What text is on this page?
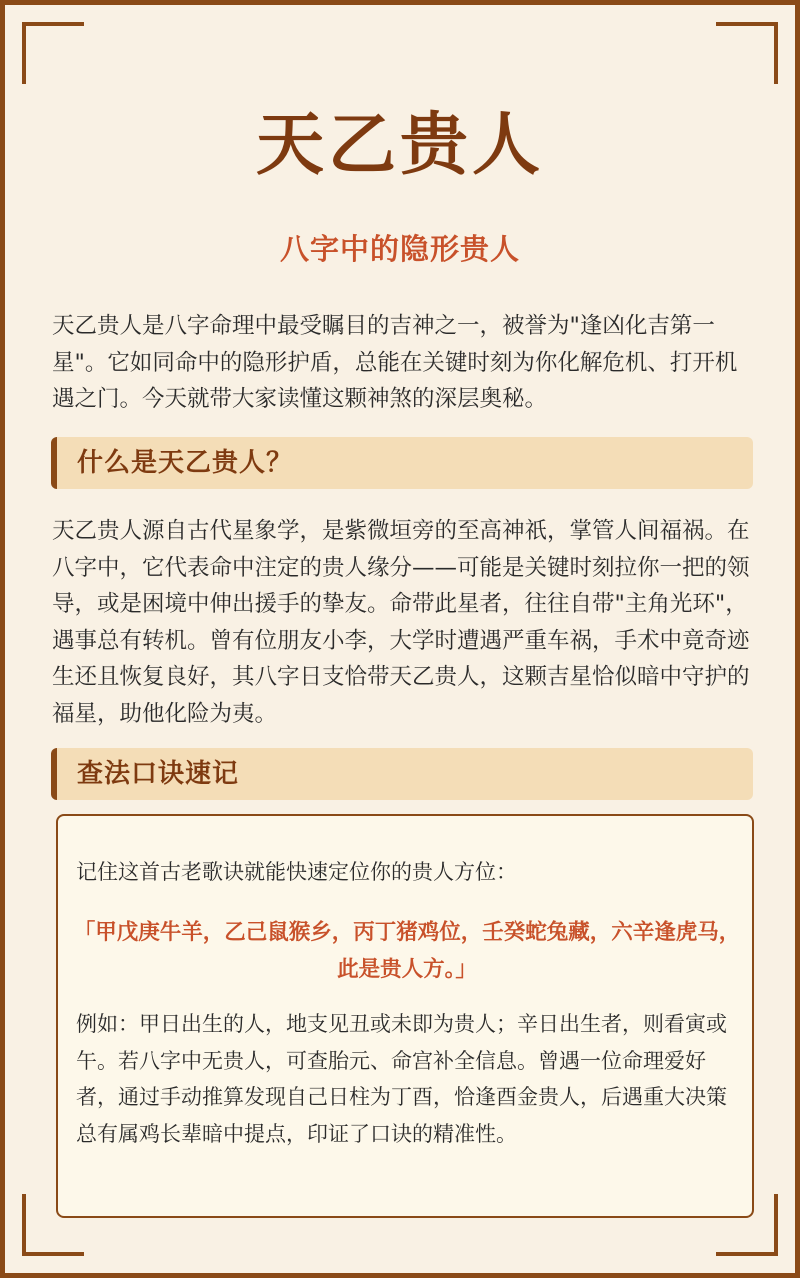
天乙贵人
八字中的隐形贵人

天乙贵人是八字命理中最受瞩目的吉神之一，被誉为"逢凶化吉第一星"。它如同命中的隐形护盾，总能在关键时刻为你化解危机、打开机遇之门。今天就带大家读懂这颗神煞的深层奥秘。

什么是天乙贵人？

天乙贵人源自古代星象学，是紫微垣旁的至高神祇，掌管人间福祸。在八字中，它代表命中注定的贵人缘分——可能是关键时刻拉你一把的领导，或是困境中伸出援手的挚友。命带此星者，往往自带"主角光环"，遇事总有转机。曾有位朋友小李，大学时遭遇严重车祸，手术中竟奇迹生还且恢复良好，其八字日支恰带天乙贵人，这颗吉星恰似暗中守护的福星，助他化险为夷。

查法口诀速记
记住这首古老歌诀就能快速定位你的贵人方位：
「甲戊庚牛羊，乙己鼠猴乡，丙丁猪鸡位，壬癸蛇兔藏，六辛逢虎马，此是贵人方。」
例如：甲日出生的人，地支见丑或未即为贵人；辛日出生者，则看寅或午。若八字中无贵人，可查胎元、命宫补全信息。曾遇一位命理爱好者，通过手动推算发现自己日柱为丁酉，恰逢酉金贵人，后遇重大决策总有属鸡长辈暗中提点，印证了口诀的精准性。
